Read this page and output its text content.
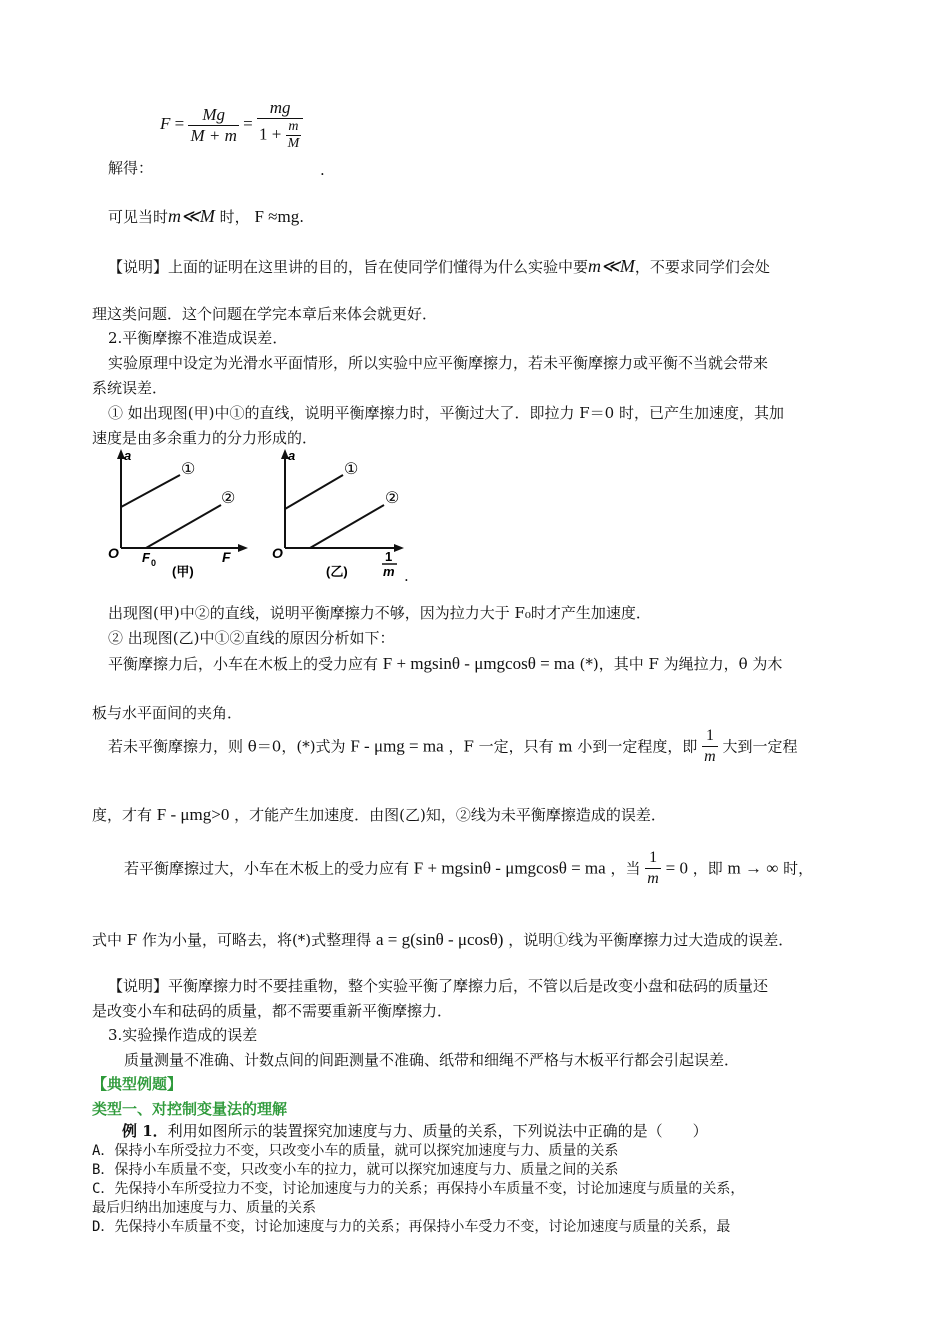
$F = \frac{Mg}{M + m} = \frac{mg}{1 + \frac{m}{M}}$
解得：	.
可见当时m≪M 时， F ≈mg.
【说明】上面的证明在这里讲的目的，旨在使同学们懂得为什么实验中要m≪M，不要求同学们会处
理这类问题．这个问题在学完本章后来体会就更好．
2.平衡摩擦不准造成误差．
实验原理中设定为光滑水平面情形，所以实验中应平衡摩擦力，若未平衡摩擦力或平衡不当就会带来
系统误差．
① 如出现图(甲)中①的直线，说明平衡摩擦力时，平衡过大了．即拉力 F＝0 时，已产生加速度，其加
速度是由多余重力的分力形成的．
a
O F 0	F
①
②
(甲)
a
O	1
m
①
②
(乙)	.
出现图(甲)中②的直线，说明平衡摩擦力不够，因为拉力大于 F₀时才产生加速度．
② 出现图(乙)中①②直线的原因分析如下：
平衡摩擦力后，小车在木板上的受力应有 F + mgsinθ - μmgcosθ = ma (*)，其中 F 为绳拉力，θ 为木
板与水平面间的夹角．
若未平衡摩擦力，则 θ＝0，(*)式为 F - μmg = ma ，F 一定，只有 m 小到一定程度，即 $\frac{1}{m}$ 大到一定程
度，才有 F - μmg>0 ，才能产生加速度．由图(乙)知，②线为未平衡摩擦造成的误差．
若平衡摩擦过大，小车在木板上的受力应有 F + mgsinθ - μmgcosθ = ma ，当 $\frac{1}{m} = 0$ ，即 m → ∞ 时，
式中 F 作为小量，可略去，将(*)式整理得 a = g(sinθ - μcosθ) ，说明①线为平衡摩擦力过大造成的误差．
【说明】平衡摩擦力时不要挂重物，整个实验平衡了摩擦力后，不管以后是改变小盘和砝码的质量还
是改变小车和砝码的质量，都不需要重新平衡摩擦力．
3.实验操作造成的误差
质量测量不准确、计数点间的间距测量不准确、纸带和细绳不严格与木板平行都会引起误差．
【典型例题】
类型一、对控制变量法的理解
例 1．利用如图所示的装置探究加速度与力、质量的关系，下列说法中正确的是（　　）
A．保持小车所受拉力不变，只改变小车的质量，就可以探究加速度与力、质量的关系
B．保持小车质量不变，只改变小车的拉力，就可以探究加速度与力、质量之间的关系
C．先保持小车所受拉力不变，讨论加速度与力的关系；再保持小车质量不变，讨论加速度与质量的关系，
最后归纳出加速度与力、质量的关系
D．先保持小车质量不变，讨论加速度与力的关系；再保持小车受力不变，讨论加速度与质量的关系，最
